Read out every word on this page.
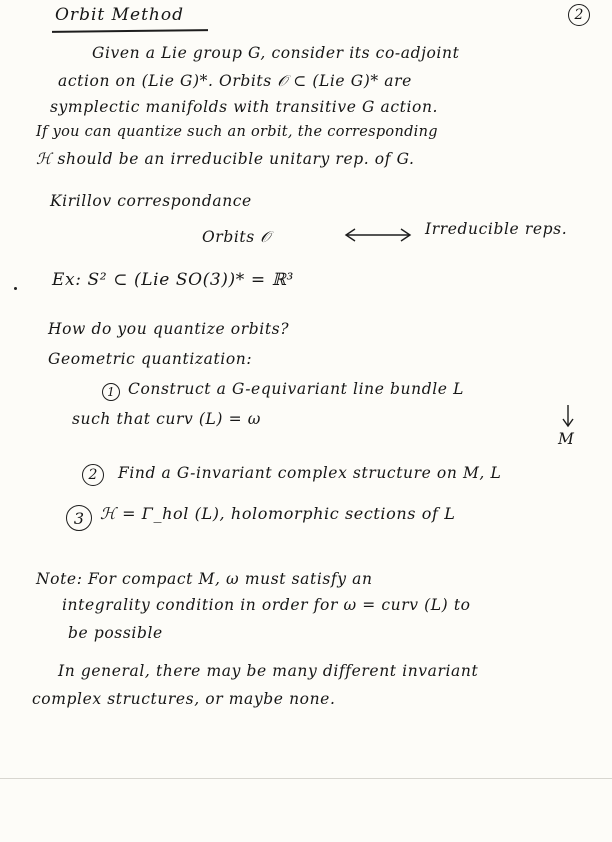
2
Orbit Method
Given a Lie group G, consider its co-adjoint
action on (Lie G)*. Orbits 𝒪 ⊂ (Lie G)* are
symplectic manifolds with transitive G action.
If you can quantize such an orbit, the corresponding
ℋ should be an irreducible unitary rep. of G.
Kirillov correspondance
Orbits 𝒪	Irreducible reps.
Ex: S² ⊂ (Lie SO(3))* = ℝ³
How do you quantize orbits?
Geometric quantization:
1 Construct a G-equivariant line bundle L
such that curv (L) = ω
M
2 Find a G-invariant complex structure on M, L
3 ℋ = Γ_hol (L), holomorphic sections of L
Note: For compact M, ω must satisfy an
integrality condition in order for ω = curv (L) to
be possible
In general, there may be many different invariant
complex structures, or maybe none.
